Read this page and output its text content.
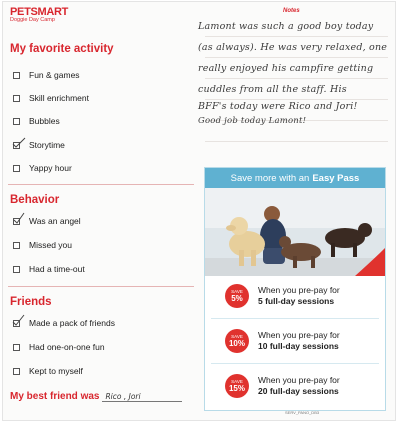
PETSMART
Doggie Day Camp
My favorite activity
Fun & games
Skill enrichment
Bubbles
Storytime
Yappy hour
Behavior
Was an angel
Missed you
Had a time-out
Friends
Made a pack of friends
Had one-on-one fun
Kept to myself
My best friend was Rico , Jori
Notes
Lamont was such a good boy today
(as always). He was very relaxed, one
really enjoyed his campfire getting
cuddles from all the staff. His
BFF's today were Rico and Jori!
Good job today Lamont!
Save more with an Easy Pass
SAVE
5%
When you pre-pay for
5 full-day sessions
SAVE
10%
When you pre-pay for
10 full-day sessions
SAVE
15%
When you pre-pay for
20 full-day sessions
SERV_PANO_DB3
